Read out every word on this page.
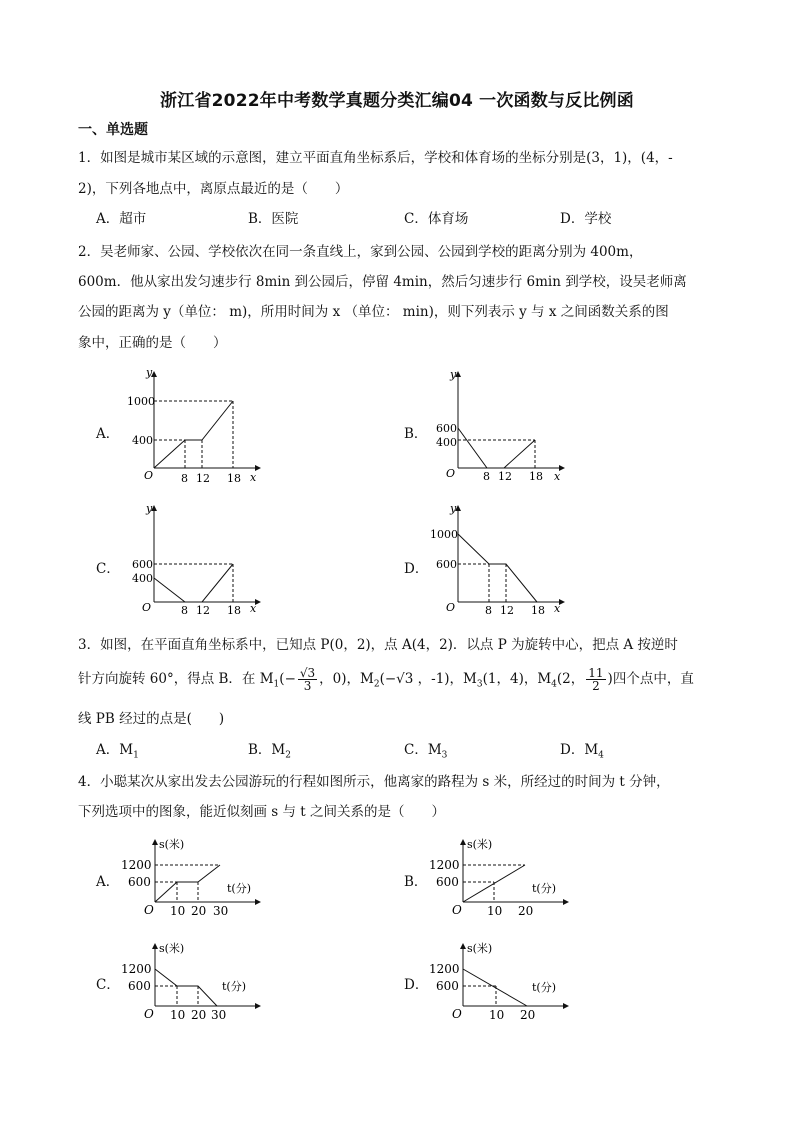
浙江省2022年中考数学真题分类汇编04 一次函数与反比例函
一、单选题
1．如图是城市某区域的示意图，建立平面直角坐标系后，学校和体育场的坐标分别是(3，1)，(4，-
2)，下列各地点中，离原点最近的是（　　）
A．超市	B．医院	C．体育场	D．学校
2．吴老师家、公园、学校依次在同一条直线上，家到公园、公园到学校的距离分别为 400m，
600m．他从家出发匀速步行 8min 到公园后，停留 4min，然后匀速步行 6min 到学校，设吴老师离
公园的距离为 y（单位： m)，所用时间为 x （单位： min)，则下列表示 y 与 x 之间函数关系的图
象中，正确的是（　　）
A．	B．
C．	D．
y
1000
400
O	8 12 18 x
y
600
400
O	8 12 18 x
y
600
400
O	8 12 18 x
y
1000
600
O	8 12 18 x
3．如图，在平面直角坐标系中，已知点 P(0，2)，点 A(4，2)．以点 P 为旋转中心，把点 A 按逆时
针方向旋转 60°，得点 B．在 $M_1(- \frac{√3}{3}$ ，0)，$M_2(-√3$ ，-1)，$M_3(1$，4)，$M_4(2$， $\frac{11}{2}$ )四个点中，直
线 PB 经过的点是(　　)
A．$M_1$	B．$M_2$	C．$M_3$	D．$M_4$
4．小聪某次从家出发去公园游玩的行程如图所示，他离家的路程为 s 米，所经过的时间为 t 分钟，
下列选项中的图象，能近似刻画 s 与 t 之间关系的是（　　）
A．	B．
C．	D．
s(米)
1200
600
O 10 20 30
t(分)
s(米)
1200
600
O 10 20
t(分)
s(米)
1200
600
O 10 20 30
t(分)
s(米)
1200
600
O 10 20
t(分)
